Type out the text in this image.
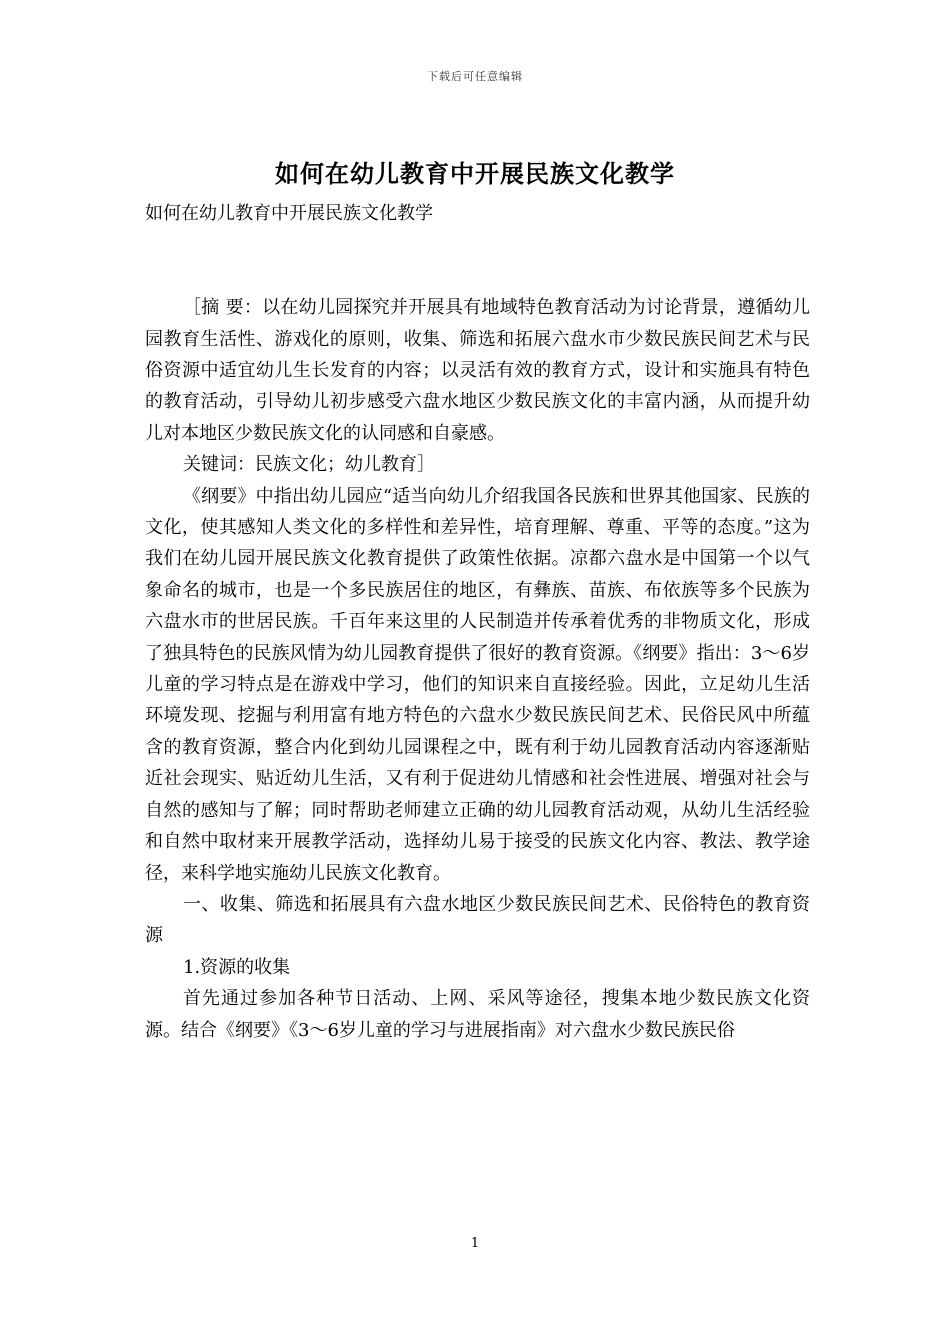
下载后可任意编辑
如何在幼儿教育中开展民族文化教学

如何在幼儿教育中开展民族文化教学

［摘 要：以在幼儿园探究并开展具有地域特色教育活动为讨论背景，遵循幼儿园教育生活性、游戏化的原则，收集、筛选和拓展六盘水市少数民族民间艺术与民俗资源中适宜幼儿生长发育的内容；以灵活有效的教育方式，设计和实施具有特色的教育活动，引导幼儿初步感受六盘水地区少数民族文化的丰富内涵，从而提升幼儿对本地区少数民族文化的认同感和自豪感。

关键词：民族文化；幼儿教育］

《纲要》中指出幼儿园应“适当向幼儿介绍我国各民族和世界其他国家、民族的文化，使其感知人类文化的多样性和差异性，培育理解、尊重、平等的态度。”这为我们在幼儿园开展民族文化教育提供了政策性依据。凉都六盘水是中国第一个以气象命名的城市，也是一个多民族居住的地区，有彝族、苗族、布依族等多个民族为六盘水市的世居民族。千百年来这里的人民制造并传承着优秀的非物质文化，形成了独具特色的民族风情为幼儿园教育提供了很好的教育资源。《纲要》指出：3～6岁儿童的学习特点是在游戏中学习，他们的知识来自直接经验。因此，立足幼儿生活环境发现、挖掘与利用富有地方特色的六盘水少数民族民间艺术、民俗民风中所蕴含的教育资源，整合内化到幼儿园课程之中，既有利于幼儿园教育活动内容逐渐贴近社会现实、贴近幼儿生活，又有利于促进幼儿情感和社会性进展、增强对社会与自然的感知与了解；同时帮助老师建立正确的幼儿园教育活动观，从幼儿生活经验和自然中取材来开展教学活动，选择幼儿易于接受的民族文化内容、教法、教学途径，来科学地实施幼儿民族文化教育。

一、收集、筛选和拓展具有六盘水地区少数民族民间艺术、民俗特色的教育资源

1.资源的收集

首先通过参加各种节日活动、上网、采风等途径，搜集本地少数民族文化资源。结合《纲要》《3～6岁儿童的学习与进展指南》对六盘水少数民族民俗

1
